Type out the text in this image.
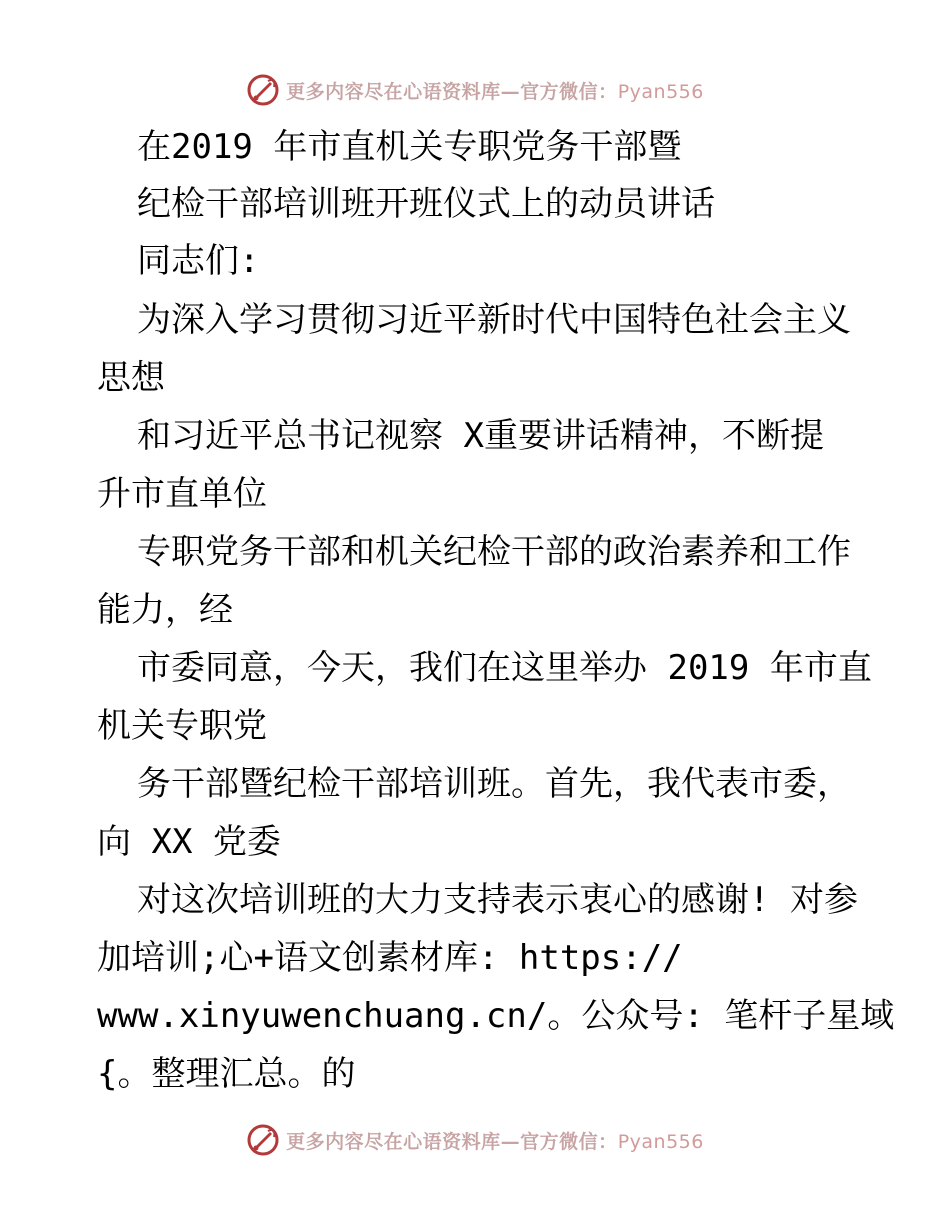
更多内容尽在心语资料库—官方微信：Pyan556
在2019 年市直机关专职党务干部暨
纪检干部培训班开班仪式上的动员讲话
同志们:
为深入学习贯彻习近平新时代中国特色社会主义
思想
和习近平总书记视察 X重要讲话精神，不断提
升市直单位
专职党务干部和机关纪检干部的政治素养和工作
能力，经
市委同意，今天，我们在这里举办 2019 年市直
机关专职党
务干部暨纪检干部培训班。首先，我代表市委，
向 XX 党委
对这次培训班的大力支持表示衷心的感谢! 对参
加培训;心+语文创素材库: https://
www.xinyuwenchuang.cn/。公众号: 笔杆子星域
{。整理汇总。的
更多内容尽在心语资料库—官方微信：Pyan556
